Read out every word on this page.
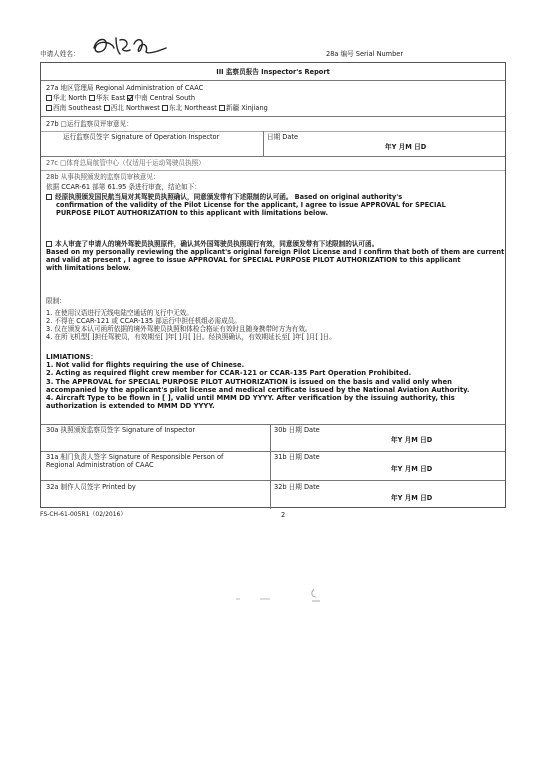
申请人姓名：	28a 编号 Serial Number
III 监察员报告 Inspector's Report
27a 地区管理局 Regional Administration of CAAC
华北 North 华东 East 中南 Central South
西南 Southeast 西北 Northwest 东北 Northeast 新疆 Xinjiang
27b □运行监察员评审意见：
运行监察员签字 Signature of Operation Inspector	日期 Date
年Y 月M 日D
27c □体育总局航管中心（仅适用于运动驾驶员执照）
28b 从事执照颁发的监察员审核意见：
依据 CCAR-61 部第 61.95 条进行审查，结论如下：
经原执照颁发国民航当局对其驾驶员执照确认，同意颁发带有下述限制的认可函。 Based on original authority's
confirmation of the validity of the Pilot License for the applicant, I agree to issue APPROVAL for SPECIAL
PURPOSE PILOT AUTHORIZATION to this applicant with limitations below.
本人审查了申请人的境外驾驶员执照原件，确认其外国驾驶员执照现行有效，同意颁发带有下述限制的认可函。
Based on my personally reviewing the applicant's original foreign Pilot License and I confirm that both of them are current
and valid at present , I agree to issue APPROVAL for SPECIAL PURPOSE PILOT AUTHORIZATION to this applicant
with limitations below.
限制：
1. 在使用汉语进行无线电陆空通话的飞行中无效。
2. 不得在 CCAR-121 或 CCAR-135 部运行中担任机组必需成员。
3. 仅在颁发本认可函所依据的境外驾驶员执照和体检合格证有效时且随身携带时方为有效。
4. 在所飞机型[ ]担任驾驶员，有效期至[ ]年[ ]月[ ]日。经执照确认，有效期延长至[ ]年[ ]月[ ]日。
LIMIATIONS：
1. Not valid for flights requiring the use of Chinese.
2. Acting as required flight crew member for CCAR-121 or CCAR-135 Part Operation Prohibited.
3. The APPROVAL for SPECIAL PURPOSE PILOT AUTHORIZATION is issued on the basis and valid only when
accompanied by the applicant's pilot license and medical certificate issued by the National Aviation Authority.
4. Aircraft Type to be flown in [ ], valid until MMM DD YYYY. After verification by the issuing authority, this
authorization is extended to MMM DD YYYY.
30a 执照颁发监察员签字 Signature of Inspector	30b 日期 Date
年Y 月M 日D
31a 相门负责人签字 Signature of Responsible Person of
Regional Administration of CAAC
31b 日期 Date
年Y 月M 日D
32a 制作人员签字 Printed by	32b 日期 Date
年Y 月M 日D
FS-CH-61-005R1（02/2016）	2
